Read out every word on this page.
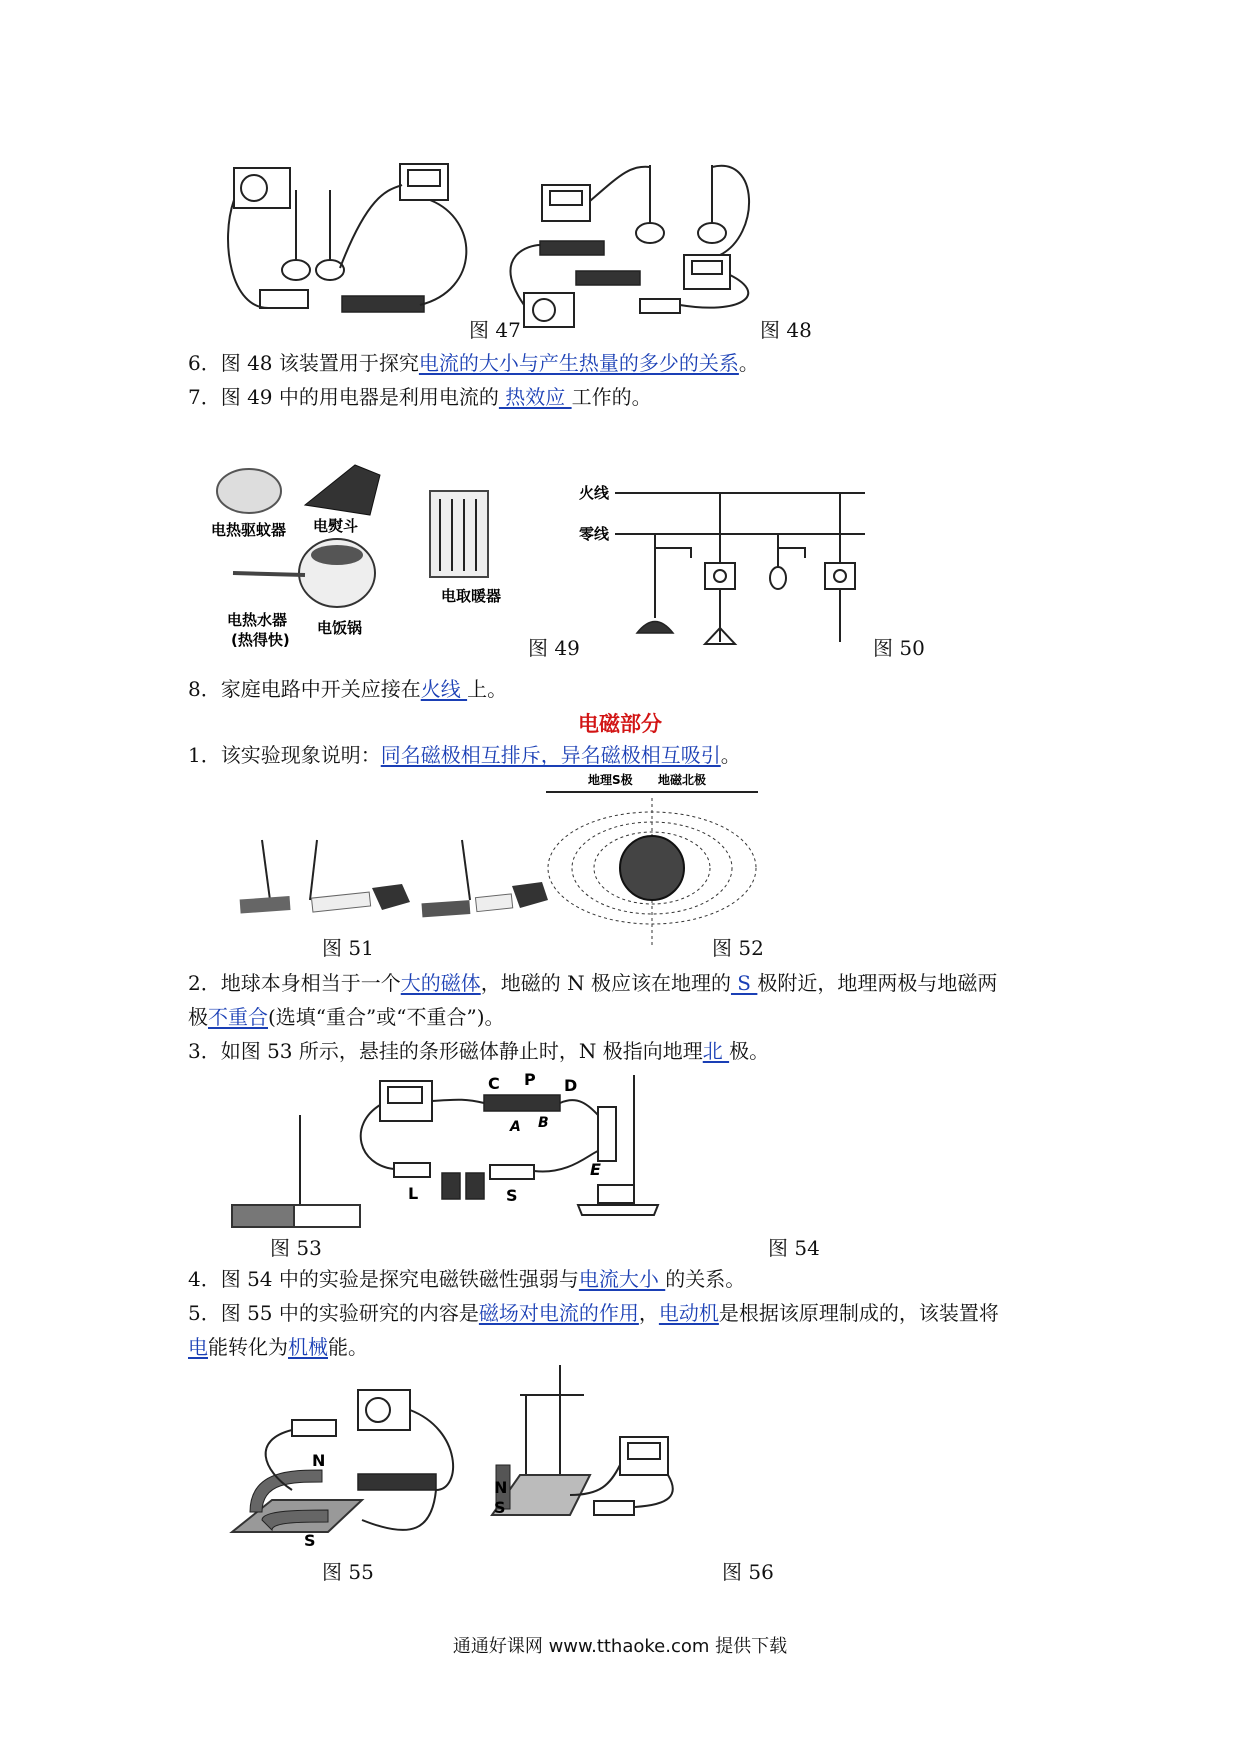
图 47	图 48
6．图 48 该装置用于探究电流的大小与产生热量的多少的关系。
7．图 49 中的用电器是利用电流的 热效应 工作的。
电热驱蚊器 电熨斗
电取暖器
电热水器
(热得快)
电饭锅
图 49
火线
零线
图 50
8．家庭电路中开关应接在火线 上。
电磁部分
1．该实验现象说明：同名磁极相互排斥，异名磁极相互吸引。
图 51
地理S极 地磁北极
图 52
2．地球本身相当于一个大的磁体，地磁的 N 极应该在地理的 S 极附近，地理两极与地磁两
极不重合(选填“重合”或“不重合”)。
3．如图 53 所示，悬挂的条形磁体静止时，N 极指向地理北 极。
图 53
C P D
A B
E
L	S
图 54
4．图 54 中的实验是探究电磁铁磁性强弱与电流大小 的关系。
5．图 55 中的实验研究的内容是磁场对电流的作用，电动机是根据该原理制成的，该装置将
电能转化为机械能。
N
S
图 55
N
S
图 56
通通好课网 www.tthaoke.com 提供下载
